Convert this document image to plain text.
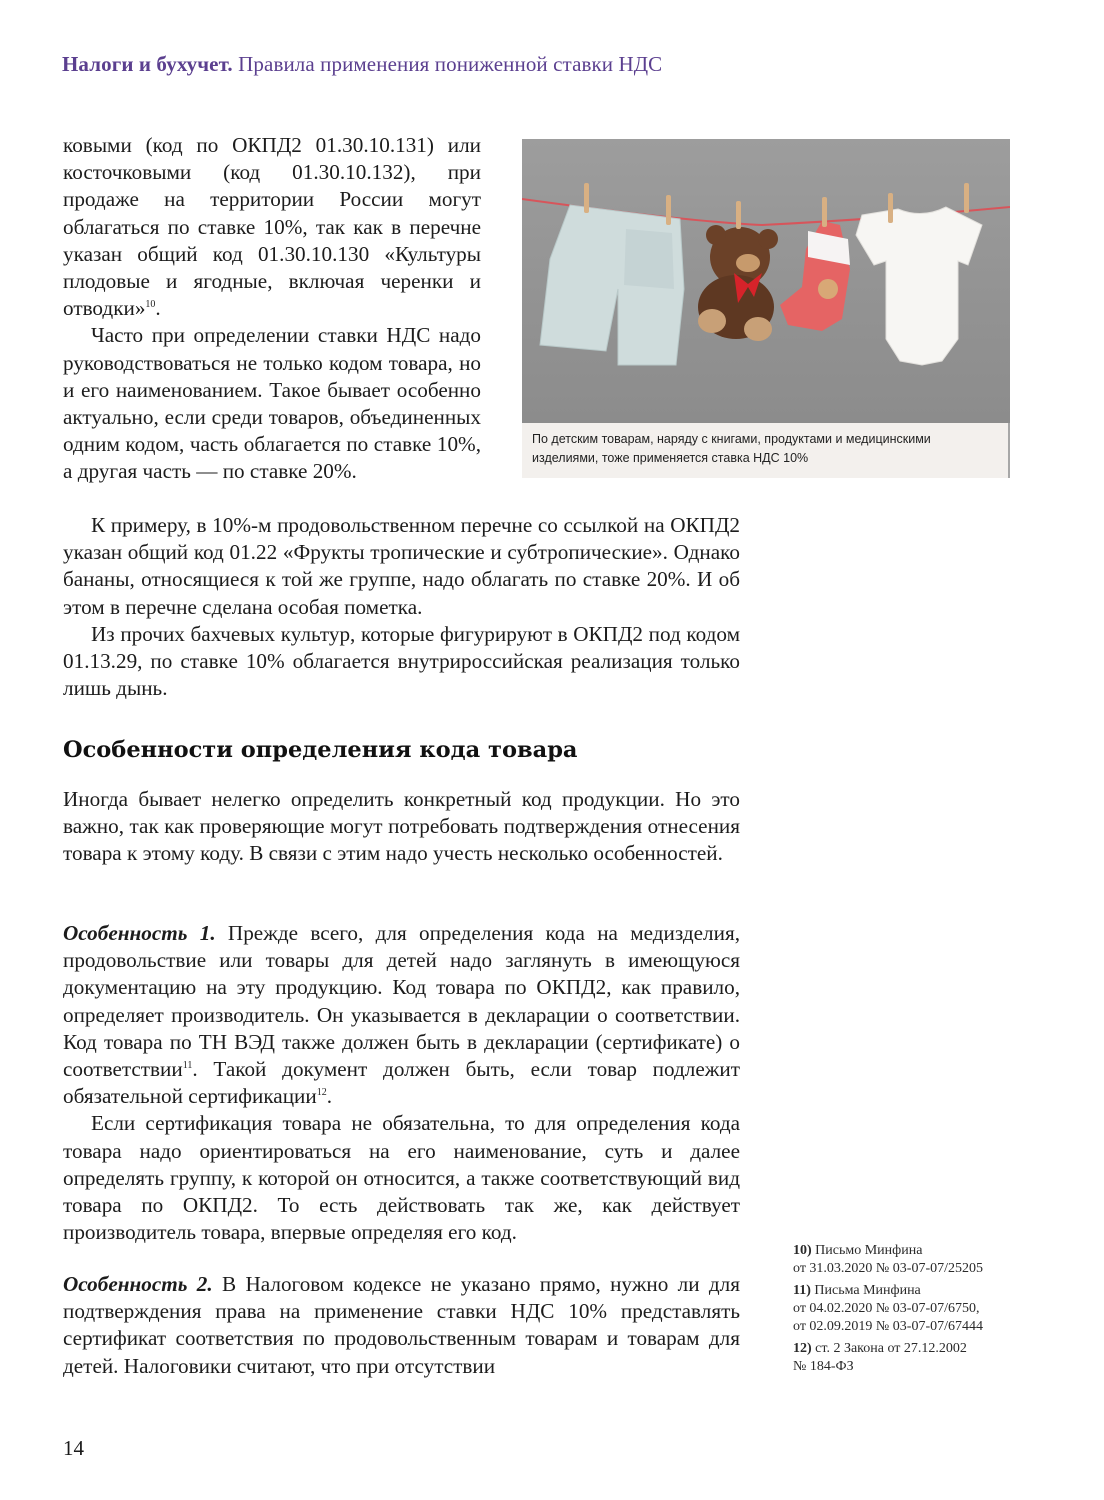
Налоги и бухучет. Правила применения пониженной ставки НДС

ковыми (код по ОКПД2 01.30.10.131) или косточковыми (код 01.30.10.132), при продаже на территории России могут облагаться по ставке 10%, так как в перечне указан общий код 01.30.10.130 «Культуры плодовые и ягодные, включая черенки и отводки»$^{10}$.

Часто при определении ставки НДС надо руководствоваться не только кодом товара, но и его наименованием. Такое бывает особенно актуально, если среди товаров, объединенных одним кодом, часть облагается по ставке 10%, а другая часть — по ставке 20%.

По детским товарам, наряду с книгами, продуктами и медицинскими изделиями, тоже применяется ставка НДС 10%

К примеру, в 10%-м продовольственном перечне со ссылкой на ОКПД2 указан общий код 01.22 «Фрукты тропические и субтропические». Однако бананы, относящиеся к той же группе, надо облагать по ставке 20%. И об этом в перечне сделана особая пометка.

Из прочих бахчевых культур, которые фигурируют в ОКПД2 под кодом 01.13.29, по ставке 10% облагается внутрироссийская реализация только лишь дынь.

Особенности определения кода товара

Иногда бывает нелегко определить конкретный код продукции. Но это важно, так как проверяющие могут потребовать подтверждения отнесения товара к этому коду. В связи с этим надо учесть несколько особенностей.

Особенность 1. Прежде всего, для определения кода на медизделия, продовольствие или товары для детей надо заглянуть в имеющуюся документацию на эту продукцию. Код товара по ОКПД2, как правило, определяет производитель. Он указывается в декларации о соответствии. Код товара по ТН ВЭД также должен быть в декларации (сертификате) о соответствии$^{11}$. Такой документ должен быть, если товар подлежит обязательной сертификации$^{12}$.

Если сертификация товара не обязательна, то для определения кода товара надо ориентироваться на его наименование, суть и далее определять группу, к которой он относится, а также соответствующий вид товара по ОКПД2. То есть действовать так же, как действует производитель товара, впервые определяя его код.

Особенность 2. В Налоговом кодексе не указано прямо, нужно ли для подтверждения права на применение ставки НДС 10% представлять сертификат соответствия по продовольственным товарам и товарам для детей. Налоговики считают, что при отсутствии

10) Письмо Минфина
от 31.03.2020 № 03-07-07/25205
11) Письма Минфина
от 04.02.2020 № 03-07-07/6750,
от 02.09.2019 № 03-07-07/67444
12) ст. 2 Закона от 27.12.2002
№ 184-ФЗ
14
